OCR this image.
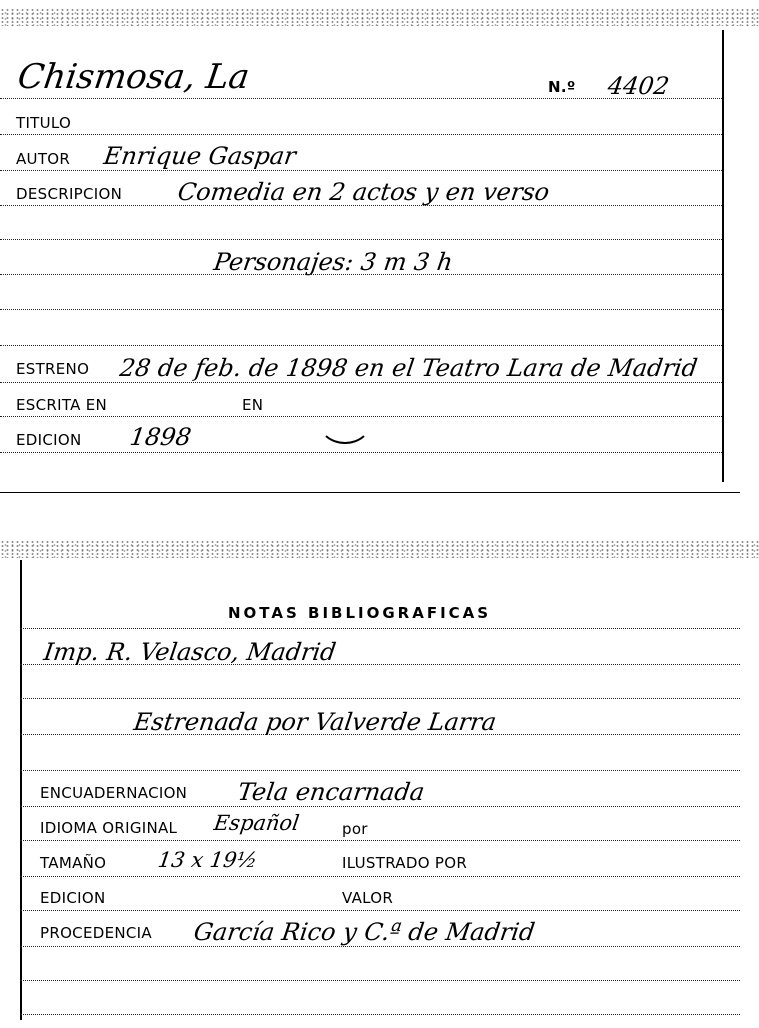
Chismosa, La	N.º 4402
TITULO
AUTOR Enrique Gaspar
DESCRIPCION Comedia en 2 actos y en verso
Personajes: 3 m 3 h
ESTRENO 28 de feb. de 1898 en el Teatro Lara de Madrid
ESCRITA EN	EN
EDICION 1898
NOTAS BIBLIOGRAFICAS
Imp. R. Velasco, Madrid
Estrenada por Valverde Larra
ENCUADERNACION Tela encarnada
IDIOMA ORIGINAL Español	por
TAMAÑO 13 x 19½	ILUSTRADO POR
EDICION	VALOR
PROCEDENCIA García Rico y C.ª de Madrid
